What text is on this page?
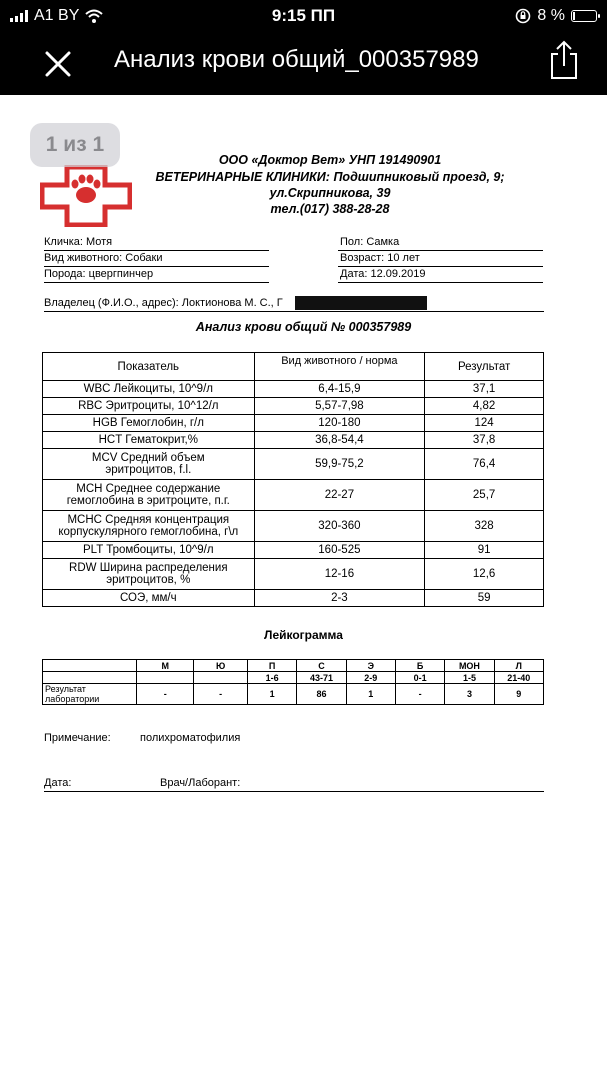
A1 BY	9:15 ПП	8 %
Анализ крови общий_000357989
1 из 1
ООО «Доктор Вет» УНП 191490901
ВЕТЕРИНАРНЫЕ КЛИНИКИ: Подшипниковый проезд, 9;
ул.Скрипникова, 39
тел.(017) 388-28-28
Кличка: Мотя
Вид животного: Собаки
Порода: цвергпинчер
Пол: Самка
Возраст: 10 лет
Дата: 12.09.2019
Владелец (Ф.И.О., адрес): Локтионова М. С., Г
Анализ крови общий № 000357989
Показатель	Вид животного / норма	Результат

WBC Лейкоциты, 10^9/л	6,4-15,9	37,1

RBC Эритроциты, 10^12/л	5,57-7,98	4,82

HGB Гемоглобин, г/л	120-180	124

HCT Гематокрит,%	36,8-54,4	37,8

MCV Средний объем
эритроцитов, f.l.	59,9-75,2	76,4

MCH Среднее содержание
гемоглобина в эритроците, п.г.	22-27	25,7

MCHC Средняя концентрация
корпускулярного гемоглобина, г\л	320-360	328

PLT Тромбоциты, 10^9/л	160-525	91

RDW Ширина распределения
эритроцитов, %	12-16	12,6

СОЭ, мм/ч	2-3	59
Лейкограмма
	М	Ю	П	С	Э	Б	МОН	Л
			1-6	43-71	2-9	0-1	1-5	21-40

Результат
лаборатории	-	-	1	86	1	-	3	9
Примечание:	полихроматофилия
Дата:	Врач/Лаборант:
